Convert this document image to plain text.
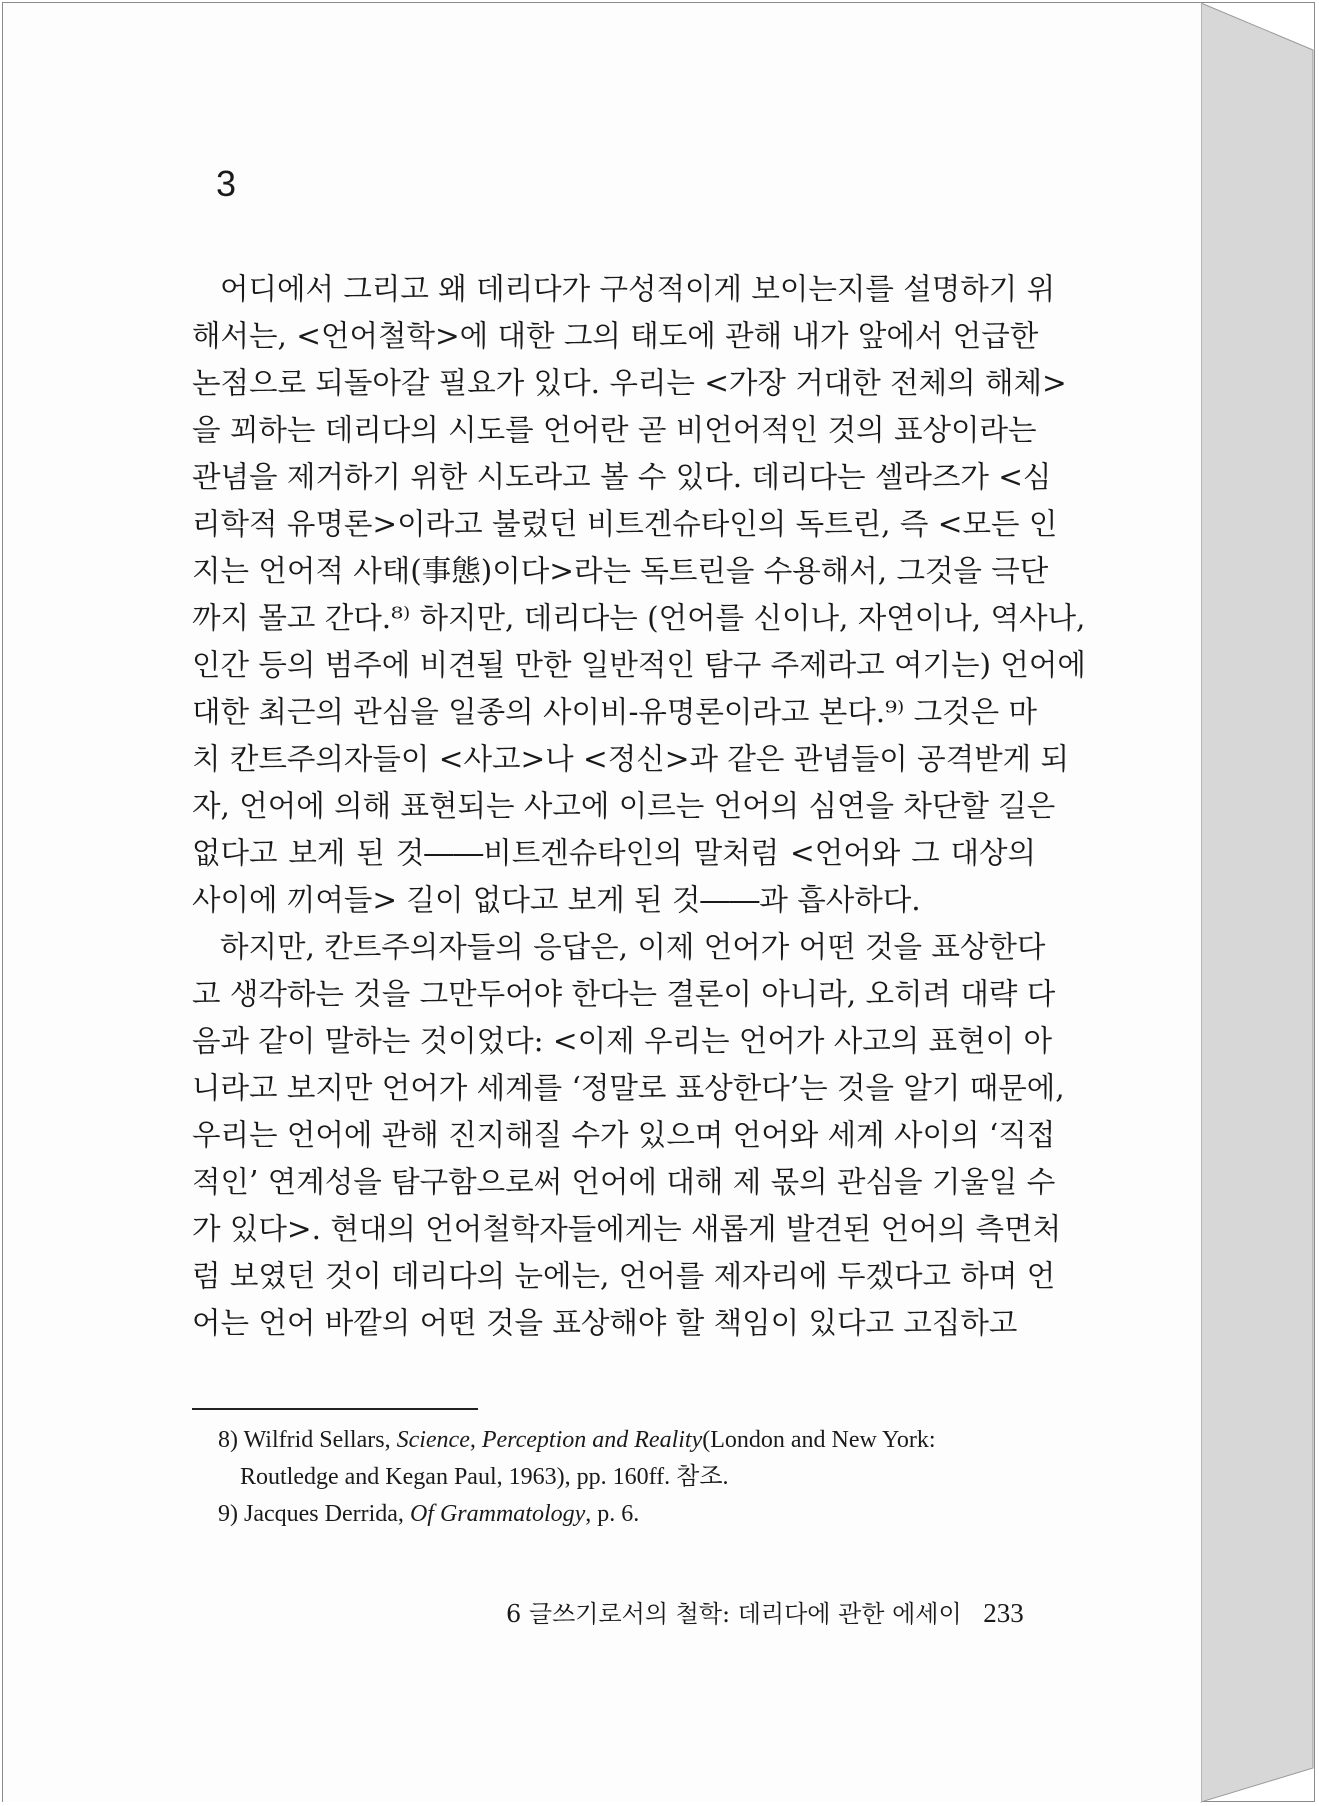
3
어디에서 그리고 왜 데리다가 구성적이게 보이는지를 설명하기 위
해서는, <언어철학>에 대한 그의 태도에 관해 내가 앞에서 언급한
논점으로 되돌아갈 필요가 있다. 우리는 <가장 거대한 전체의 해체>
을 꾀하는 데리다의 시도를 언어란 곧 비언어적인 것의 표상이라는
관념을 제거하기 위한 시도라고 볼 수 있다. 데리다는 셀라즈가 <심
리학적 유명론>이라고 불렀던 비트겐슈타인의 독트린, 즉 <모든 인
지는 언어적 사태(事態)이다>라는 독트린을 수용해서, 그것을 극단
까지 몰고 간다.⁸⁾ 하지만, 데리다는 (언어를 신이나, 자연이나, 역사나,
인간 등의 범주에 비견될 만한 일반적인 탐구 주제라고 여기는) 언어에
대한 최근의 관심을 일종의 사이비-유명론이라고 본다.⁹⁾ 그것은 마
치 칸트주의자들이 <사고>나 <정신>과 같은 관념들이 공격받게 되
자, 언어에 의해 표현되는 사고에 이르는 언어의 심연을 차단할 길은
없다고 보게 된 것――비트겐슈타인의 말처럼 <언어와 그 대상의
사이에 끼여들> 길이 없다고 보게 된 것――과 흡사하다.
하지만, 칸트주의자들의 응답은, 이제 언어가 어떤 것을 표상한다
고 생각하는 것을 그만두어야 한다는 결론이 아니라, 오히려 대략 다
음과 같이 말하는 것이었다: <이제 우리는 언어가 사고의 표현이 아
니라고 보지만 언어가 세계를 ‘정말로 표상한다’는 것을 알기 때문에,
우리는 언어에 관해 진지해질 수가 있으며 언어와 세계 사이의 ‘직접
적인’ 연계성을 탐구함으로써 언어에 대해 제 몫의 관심을 기울일 수
가 있다>. 현대의 언어철학자들에게는 새롭게 발견된 언어의 측면처
럼 보였던 것이 데리다의 눈에는, 언어를 제자리에 두겠다고 하며 언
어는 언어 바깥의 어떤 것을 표상해야 할 책임이 있다고 고집하고
8) Wilfrid Sellars, Science, Perception and Reality(London and New York:
Routledge and Kegan Paul, 1963), pp. 160ff. 참조.
9) Jacques Derrida, Of Grammatology, p. 6.
6 글쓰기로서의 철학: 데리다에 관한 에세이 233
